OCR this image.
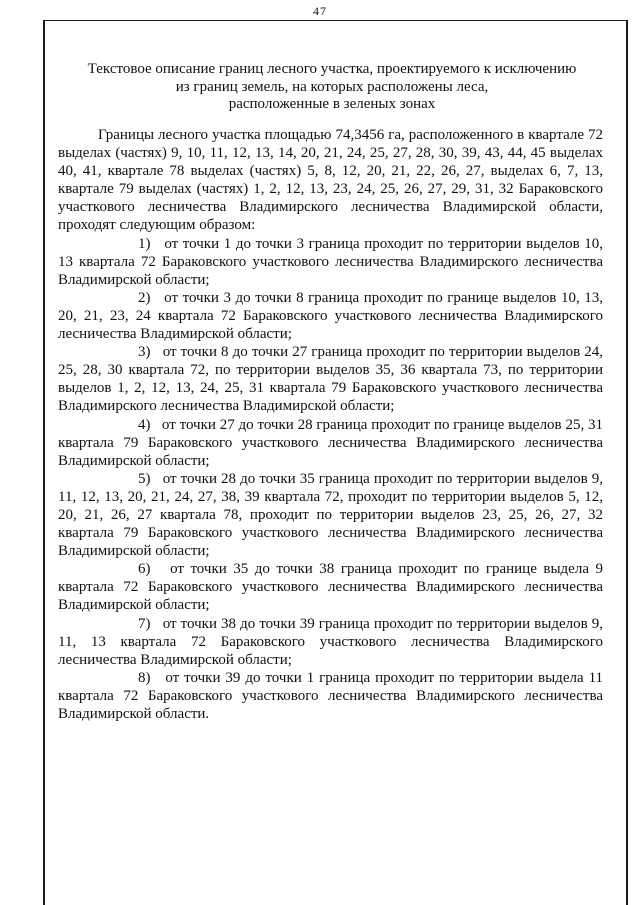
47
Текстовое описание границ лесного участка, проектируемого к исключению
из границ земель, на которых расположены леса,
расположенные в зеленых зонах

Границы лесного участка площадью 74,3456 га, расположенного в квартале 72 выделах (частях) 9, 10, 11, 12, 13, 14, 20, 21, 24, 25, 27, 28, 30, 39, 43, 44, 45 выделах 40, 41, квартале 78 выделах (частях) 5, 8, 12, 20, 21, 22, 26, 27, выделах 6, 7, 13, квартале 79 выделах (частях) 1, 2, 12, 13, 23, 24, 25, 26, 27, 29, 31, 32 Бараковского участкового лесничества Владимирского лесничества Владимирской области, проходят следующим образом:

1) от точки 1 до точки 3 граница проходит по территории выделов 10, 13 квартала 72 Бараковского участкового лесничества Владимирского лесничества Владимирской области;

2) от точки 3 до точки 8 граница проходит по границе выделов 10, 13, 20, 21, 23, 24 квартала 72 Бараковского участкового лесничества Владимирского лесничества Владимирской области;

3) от точки 8 до точки 27 граница проходит по территории выделов 24, 25, 28, 30 квартала 72, по территории выделов 35, 36 квартала 73, по территории выделов 1, 2, 12, 13, 24, 25, 31 квартала 79 Бараковского участкового лесничества Владимирского лесничества Владимирской области;

4) от точки 27 до точки 28 граница проходит по границе выделов 25, 31 квартала 79 Бараковского участкового лесничества Владимирского лесничества Владимирской области;

5) от точки 28 до точки 35 граница проходит по территории выделов 9, 11, 12, 13, 20, 21, 24, 27, 38, 39 квартала 72, проходит по территории выделов 5, 12, 20, 21, 26, 27 квартала 78, проходит по территории выделов 23, 25, 26, 27, 32 квартала 79 Бараковского участкового лесничества Владимирского лесничества Владимирской области;

6) от точки 35 до точки 38 граница проходит по границе выдела 9 квартала 72 Бараковского участкового лесничества Владимирского лесничества Владимирской области;

7) от точки 38 до точки 39 граница проходит по территории выделов 9, 11, 13 квартала 72 Бараковского участкового лесничества Владимирского лесничества Владимирской области;

8) от точки 39 до точки 1 граница проходит по территории выдела 11 квартала 72 Бараковского участкового лесничества Владимирского лесничества Владимирской области.
